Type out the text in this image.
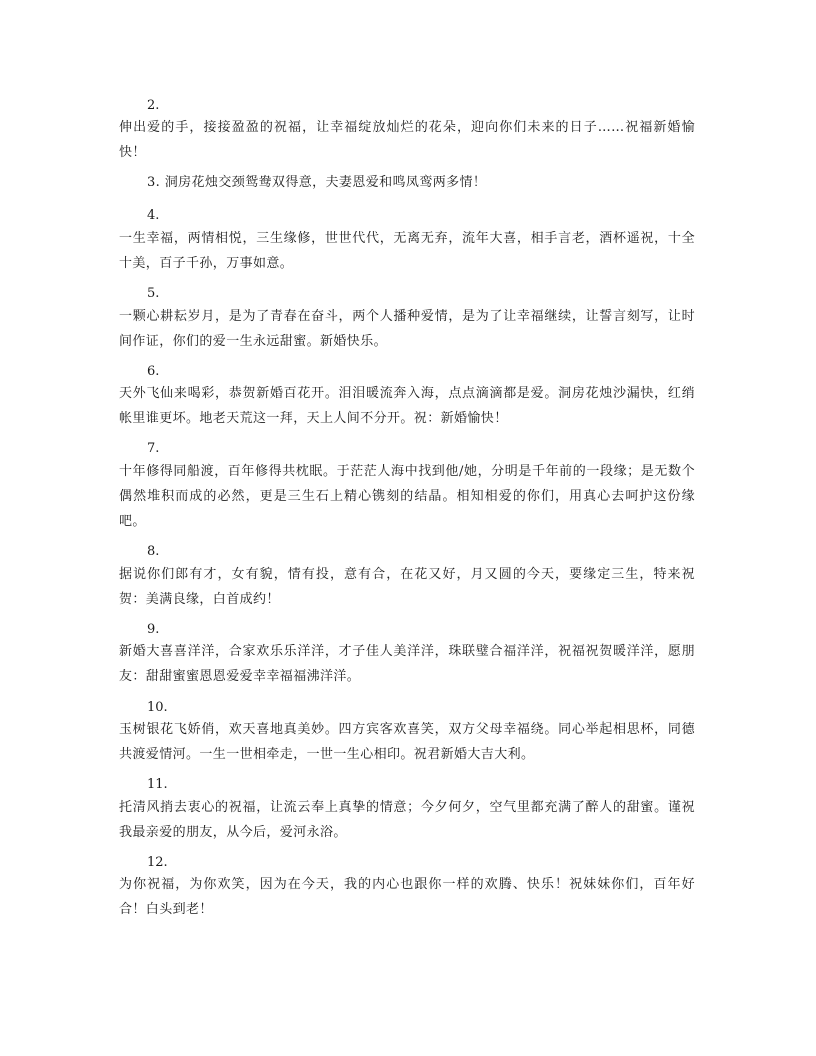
2.
伸出爱的手，接接盈盈的祝福，让幸福绽放灿烂的花朵，迎向你们未来的日子……祝福新婚愉快！
3. 洞房花烛交颈鸳鸯双得意，夫妻恩爱和鸣凤鸾两多情！
4.
一生幸福，两情相悦，三生缘修，世世代代，无离无弃，流年大喜，相手言老，酒杯遥祝，十全十美，百子千孙，万事如意。
5.
一颗心耕耘岁月，是为了青春在奋斗，两个人播种爱情，是为了让幸福继续，让誓言刻写，让时间作证，你们的爱一生永远甜蜜。新婚快乐。
6.
天外飞仙来喝彩，恭贺新婚百花开。泪泪暖流奔入海，点点滴滴都是爱。洞房花烛沙漏快，红绡帐里谁更坏。地老天荒这一拜，天上人间不分开。祝：新婚愉快！
7.
十年修得同船渡，百年修得共枕眠。于茫茫人海中找到他/她，分明是千年前的一段缘；是无数个偶然堆积而成的必然，更是三生石上精心镌刻的结晶。相知相爱的你们，用真心去呵护这份缘吧。
8.
据说你们郎有才，女有貌，情有投，意有合，在花又好，月又圆的今天，要缘定三生，特来祝贺：美满良缘，白首成约！
9.
新婚大喜喜洋洋，合家欢乐乐洋洋，才子佳人美洋洋，珠联璧合福洋洋，祝福祝贺暖洋洋，愿朋友：甜甜蜜蜜恩恩爱爱幸幸福福沸洋洋。
10.
玉树银花飞娇俏，欢天喜地真美妙。四方宾客欢喜笑，双方父母幸福绕。同心举起相思杯，同德共渡爱情河。一生一世相牵走，一世一生心相印。祝君新婚大吉大利。
11.
托清风捎去衷心的祝福，让流云奉上真挚的情意；今夕何夕，空气里都充满了醉人的甜蜜。谨祝我最亲爱的朋友，从今后，爱河永浴。
12.
为你祝福，为你欢笑，因为在今天，我的内心也跟你一样的欢腾、快乐！祝妹妹你们，百年好合！白头到老！
